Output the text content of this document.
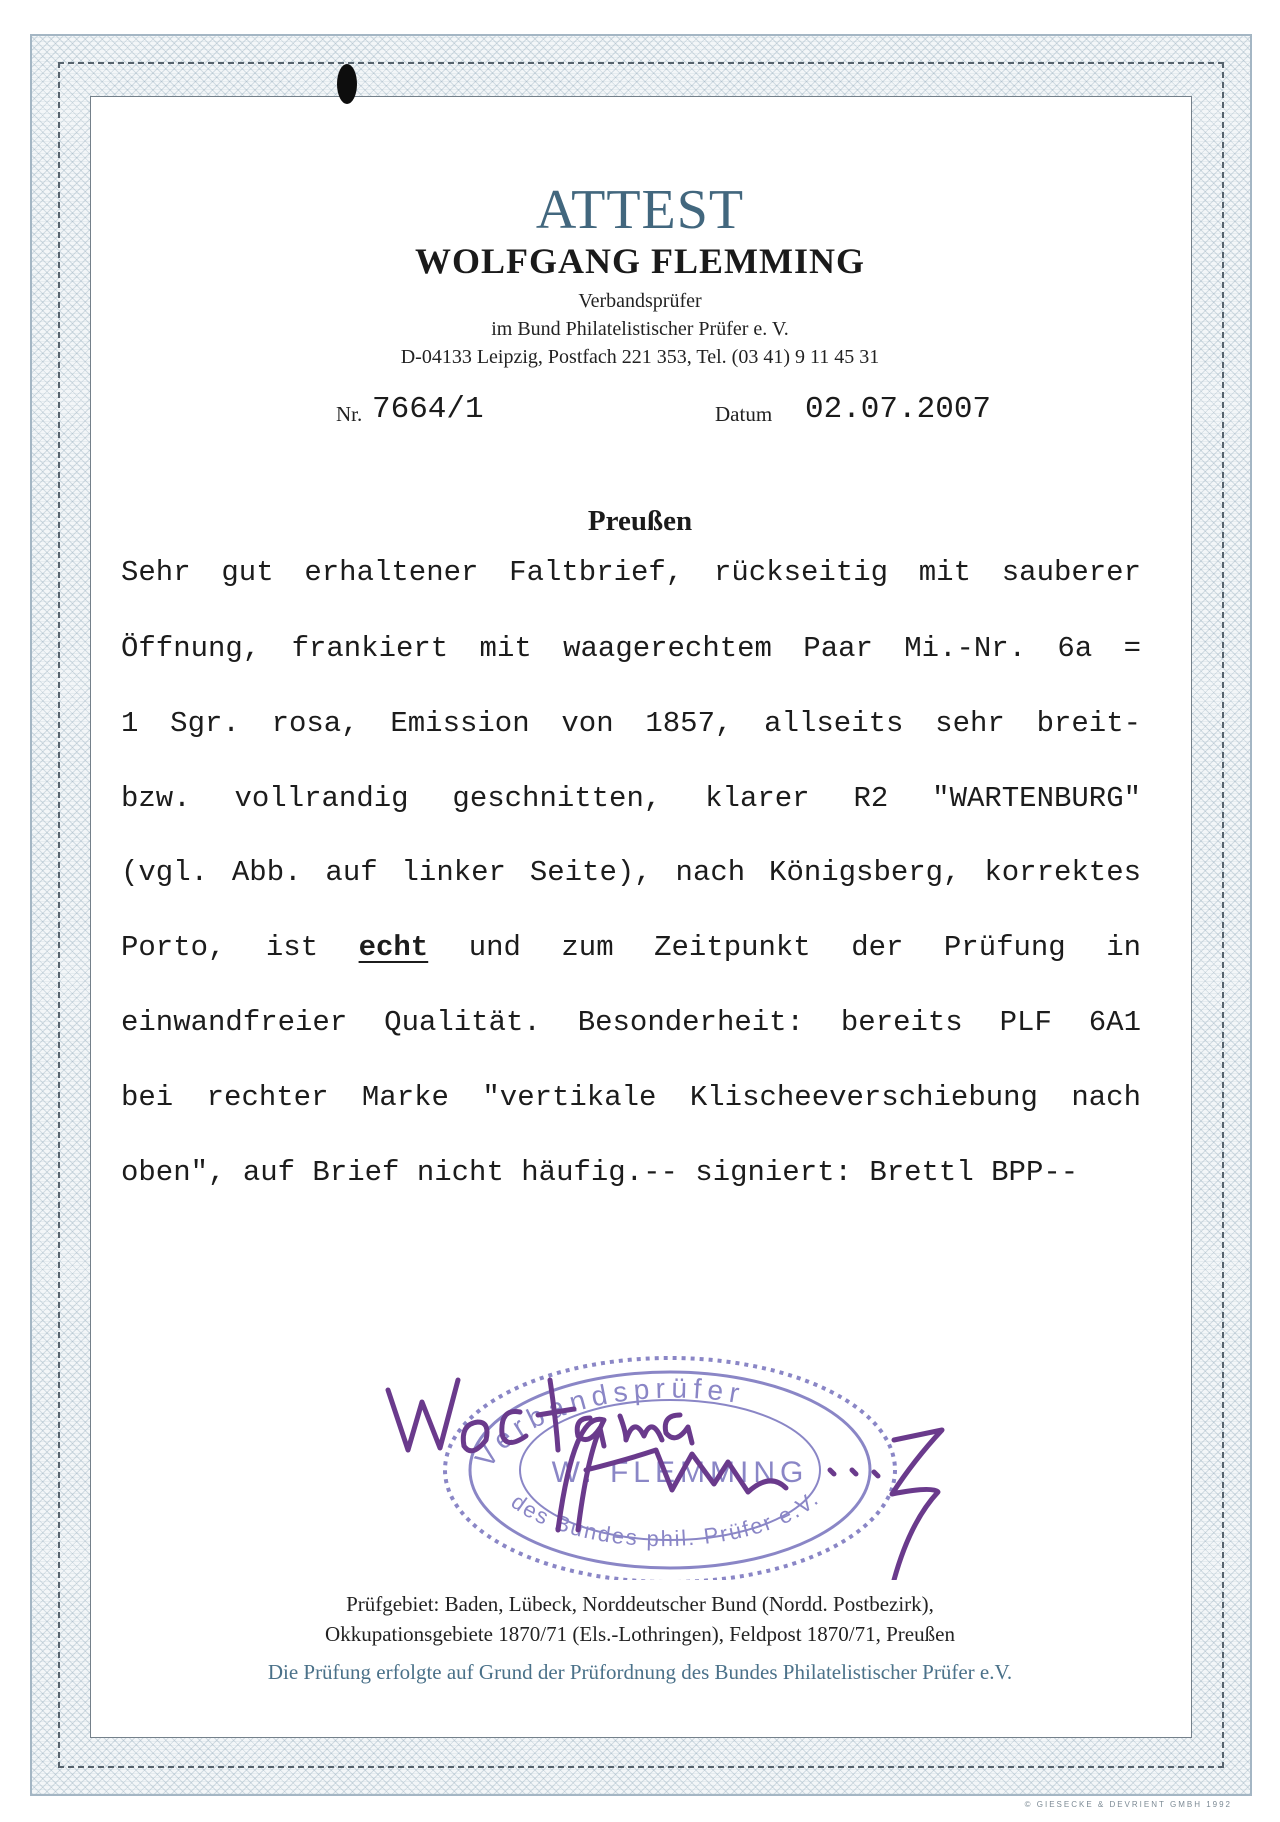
ATTEST

WOLFGANG FLEMMING

Verbandsprüfer

im Bund Philatelistischer Prüfer e. V.

D-04133 Leipzig, Postfach 221 353, Tel. (03 41) 9 11 45 31

Nr. 7664/1	Datum 02.07.2007

Preußen

Sehr gut erhaltener Faltbrief, rückseitig mit sauberer

Öffnung, frankiert mit waagerechtem Paar Mi.-Nr. 6a =

1 Sgr. rosa, Emission von 1857, allseits sehr breit-

bzw. vollrandig geschnitten, klarer R2 "WARTENBURG"

(vgl. Abb. auf linker Seite), nach Königsberg, korrektes

Porto, ist echt und zum Zeitpunkt der Prüfung in

einwandfreier Qualität. Besonderheit: bereits PLF 6A1

bei rechter Marke "vertikale Klischeeverschiebung nach

oben", auf Brief nicht häufig.-- signiert: Brettl BPP--

Verbandsprüfer
W. FLEMMING
des Bundes phil. Prüfer e.V.

Prüfgebiet: Baden, Lübeck, Norddeutscher Bund (Nordd. Postbezirk),

Okkupationsgebiete 1870/71 (Els.-Lothringen), Feldpost 1870/71, Preußen

Die Prüfung erfolgte auf Grund der Prüfordnung des Bundes Philatelistischer Prüfer e.V.

© GIESECKE & DEVRIENT GMBH 1992
